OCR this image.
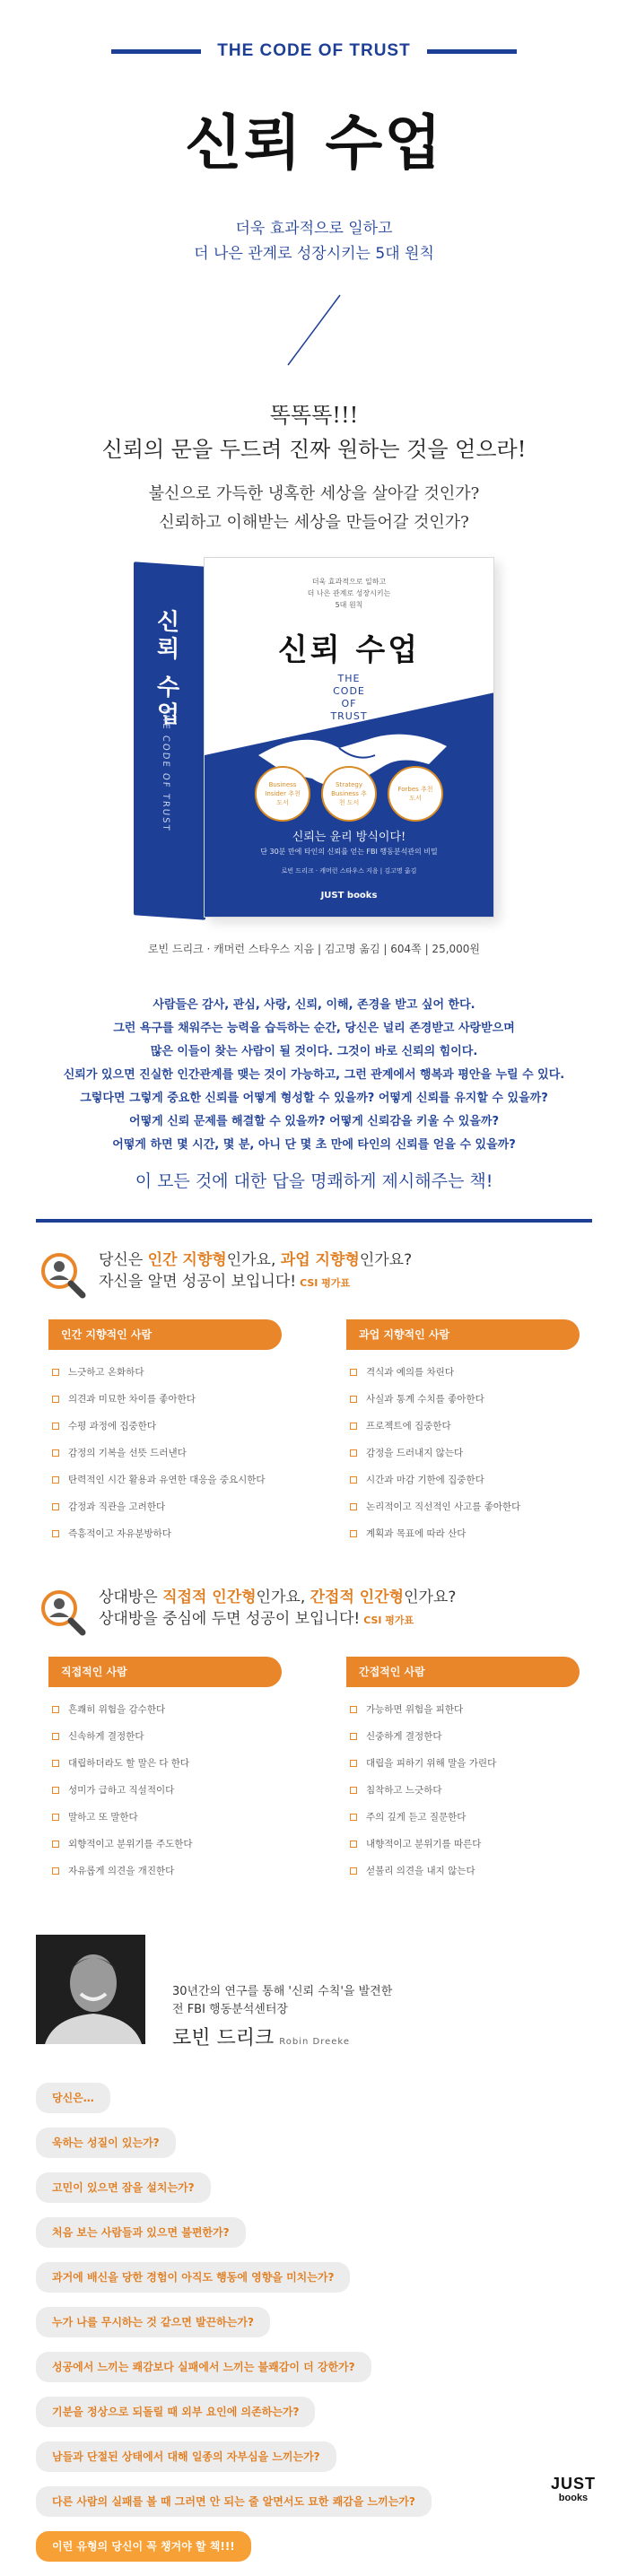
THE CODE OF TRUST
신뢰 수업
더욱 효과적으로 일하고
더 나은 관계로 성장시키는 5대 원칙
똑똑똑!!!
신뢰의 문을 두드려 진짜 원하는 것을 얻으라!
불신으로 가득한 냉혹한 세상을 살아갈 것인가?
신뢰하고 이해받는 세상을 만들어갈 것인가?
신뢰 수업
THE CODE OF TRUST
더욱 효과적으로 일하고
더 나은 관계로 성장시키는
5대 원칙
신뢰 수업
THE
CODE
OF
TRUST
Business Insider 추천 도서
Strategy Business 추천 도서
Forbes 추천 도서
신뢰는 윤리 방식이다!
단 30분 만에 타인의 신뢰를 얻는 FBI 행동분석관의 비밀
로빈 드리크 · 캐머런 스타우스 지음 | 김고명 옮김
JUST books
로빈 드리크 · 캐머런 스타우스 지음 | 김고명 옮김 | 604쪽 | 25,000원
사람들은 감사, 관심, 사랑, 신뢰, 이해, 존경을 받고 싶어 한다.
그런 욕구를 채워주는 능력을 습득하는 순간, 당신은 널리 존경받고 사랑받으며
많은 이들이 찾는 사람이 될 것이다. 그것이 바로 신뢰의 힘이다.
신뢰가 있으면 진실한 인간관계를 맺는 것이 가능하고, 그런 관계에서 행복과 평안을 누릴 수 있다.
그렇다면 그렇게 중요한 신뢰를 어떻게 형성할 수 있을까? 어떻게 신뢰를 유지할 수 있을까?
어떻게 신뢰 문제를 해결할 수 있을까? 어떻게 신뢰감을 키울 수 있을까?
어떻게 하면 몇 시간, 몇 분, 아니 단 몇 초 만에 타인의 신뢰를 얻을 수 있을까?
이 모든 것에 대한 답을 명쾌하게 제시해주는 책!
당신은 인간 지향형인가요, 과업 지향형인가요?
자신을 알면 성공이 보입니다! CSI 평가표
인간 지향적인 사람
느긋하고 온화하다
의견과 미묘한 차이를 좋아한다
수평 과정에 집중한다
감정의 기복을 선뜻 드러낸다
탄력적인 시간 활용과 유연한 대응을 중요시한다
감정과 직관을 고려한다
즉흥적이고 자유분방하다
과업 지향적인 사람
격식과 예의를 차린다
사실과 통계 수치를 좋아한다
프로젝트에 집중한다
감정을 드러내지 않는다
시간과 마감 기한에 집중한다
논리적이고 직선적인 사고를 좋아한다
계획과 목표에 따라 산다
상대방은 직접적 인간형인가요, 간접적 인간형인가요?
상대방을 중심에 두면 성공이 보입니다! CSI 평가표
직접적인 사람
흔쾌히 위험을 감수한다
신속하게 결정한다
대립하더라도 할 말은 다 한다
성미가 급하고 직설적이다
말하고 또 말한다
외향적이고 분위기를 주도한다
자유롭게 의견을 개진한다
간접적인 사람
가능하면 위험을 피한다
신중하게 결정한다
대립을 피하기 위해 말을 가린다
침착하고 느긋하다
주의 깊게 듣고 질문한다
내향적이고 분위기를 따른다
섣불리 의견을 내지 않는다
30년간의 연구를 통해 '신뢰 수칙'을 발견한
전 FBI 행동분석센터장
로빈 드리크 Robin Dreeke
당신은…
욱하는 성질이 있는가?
고민이 있으면 잠을 설치는가?
처음 보는 사람들과 있으면 불편한가?
과거에 배신을 당한 경험이 아직도 행동에 영향을 미치는가?
누가 나를 무시하는 것 같으면 발끈하는가?
성공에서 느끼는 쾌감보다 실패에서 느끼는 불쾌감이 더 강한가?
기분을 정상으로 되돌릴 때 외부 요인에 의존하는가?
남들과 단절된 상태에서 대해 일종의 자부심을 느끼는가?
다른 사람의 실패를 볼 때 그러면 안 되는 줄 알면서도 묘한 쾌감을 느끼는가?
이런 유형의 당신이 꼭 챙겨야 할 책!!!
JUST
books
